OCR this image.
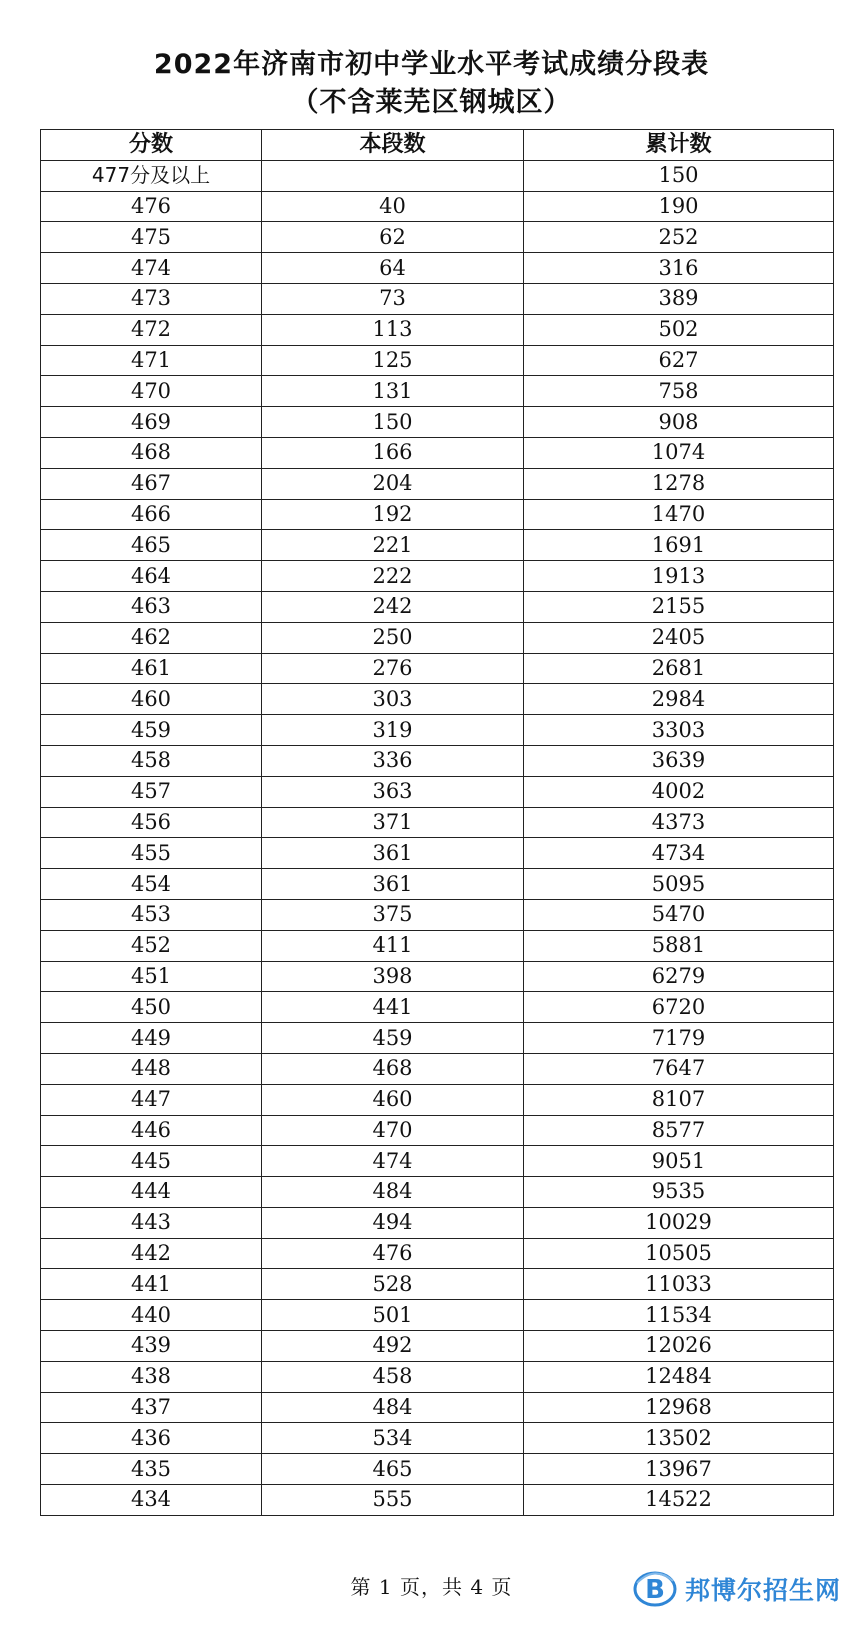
2022年济南市初中学业水平考试成绩分段表
（不含莱芜区钢城区）
分数	本段数	累计数
477分及以上		150
476	40	190
475	62	252
474	64	316
473	73	389
472	113	502
471	125	627
470	131	758
469	150	908
468	166	1074
467	204	1278
466	192	1470
465	221	1691
464	222	1913
463	242	2155
462	250	2405
461	276	2681
460	303	2984
459	319	3303
458	336	3639
457	363	4002
456	371	4373
455	361	4734
454	361	5095
453	375	5470
452	411	5881
451	398	6279
450	441	6720
449	459	7179
448	468	7647
447	460	8107
446	470	8577
445	474	9051
444	484	9535
443	494	10029
442	476	10505
441	528	11033
440	501	11534
439	492	12026
438	458	12484
437	484	12968
436	534	13502
435	465	13967
434	555	14522
第 1 页，共 4 页	B 邦博尔招生网
